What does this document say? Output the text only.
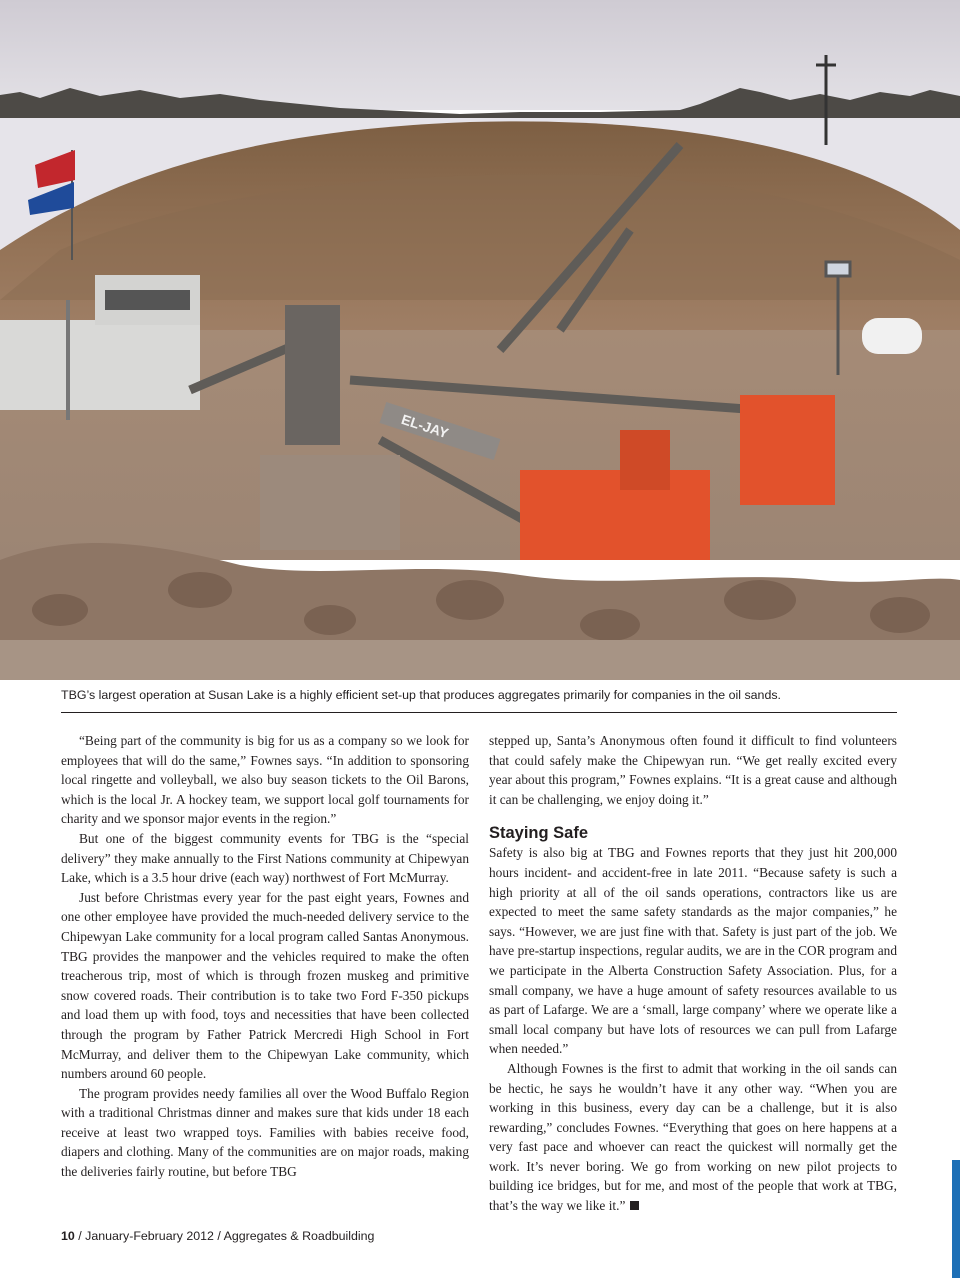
EL-JAY
TBG’s largest operation at Susan Lake is a highly efficient set-up that produces aggregates primarily for companies in the oil sands.

“Being part of the community is big for us as a company so we look for employees that will do the same,” Fownes says. “In addition to sponsoring local ringette and volleyball, we also buy season tickets to the Oil Barons, which is the local Jr. A hockey team, we support local golf tournaments for charity and we sponsor major events in the region.”

But one of the biggest community events for TBG is the “special delivery” they make annually to the First Nations community at Chipewyan Lake, which is a 3.5 hour drive (each way) northwest of Fort McMurray.

Just before Christmas every year for the past eight years, Fownes and one other employee have provided the much-needed delivery service to the Chipewyan Lake community for a local program called Santas Anonymous. TBG provides the manpower and the vehicles required to make the often treacherous trip, most of which is through frozen muskeg and primitive snow covered roads. Their contribution is to take two Ford F-350 pickups and load them up with food, toys and necessities that have been collected through the program by Father Patrick Mercredi High School in Fort McMurray, and deliver them to the Chipewyan Lake community, which numbers around 60 people.

The program provides needy families all over the Wood Buffalo Region with a traditional Christmas dinner and makes sure that kids under 18 each receive at least two wrapped toys. Families with babies receive food, diapers and clothing. Many of the communities are on major roads, making the deliveries fairly routine, but before TBG

stepped up, Santa’s Anonymous often found it difficult to find volunteers that could safely make the Chipewyan run. “We get really excited every year about this program,” Fownes explains. “It is a great cause and although it can be challenging, we enjoy doing it.”

Staying Safe

Safety is also big at TBG and Fownes reports that they just hit 200,000 hours incident- and accident-free in late 2011. “Because safety is such a high priority at all of the oil sands operations, contractors like us are expected to meet the same safety standards as the major companies,” he says. “However, we are just fine with that. Safety is just part of the job. We have pre-startup inspections, regular audits, we are in the COR program and we participate in the Alberta Construction Safety Association. Plus, for a small company, we have a huge amount of safety resources available to us as part of Lafarge. We are a ‘small, large company’ where we operate like a small local company but have lots of resources we can pull from Lafarge when needed.”

Although Fownes is the first to admit that working in the oil sands can be hectic, he says he wouldn’t have it any other way. “When you are working in this business, every day can be a challenge, but it is also rewarding,” concludes Fownes. “Everything that goes on here happens at a very fast pace and whoever can react the quickest will normally get the work. It’s never boring. We go from working on new pilot projects to building ice bridges, but for me, and most of the people that work at TBG, that’s the way we like it.”

10 / January-February 2012 / Aggregates & Roadbuilding
